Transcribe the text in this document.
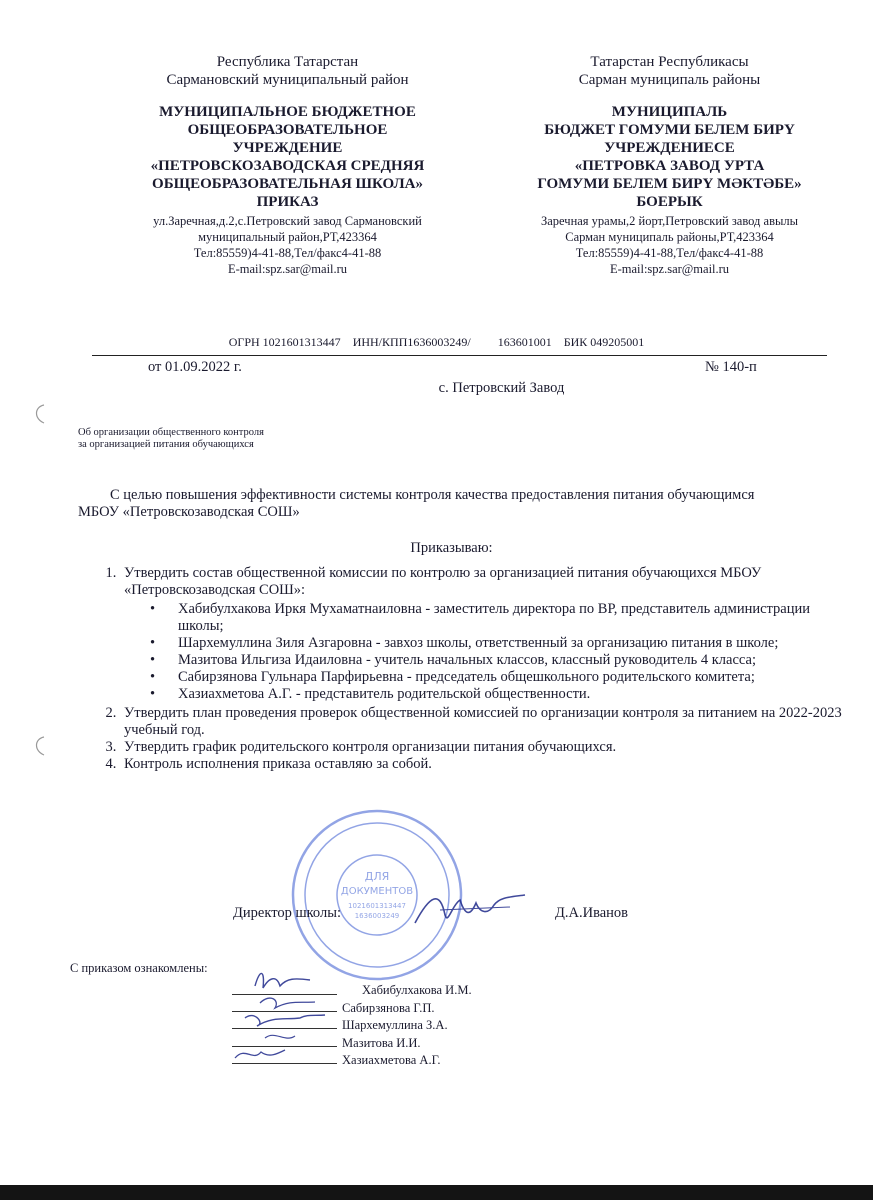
Республика Татарстан
Сармановский муниципальный район
МУНИЦИПАЛЬНОЕ БЮДЖЕТНОЕ
ОБЩЕОБРАЗОВАТЕЛЬНОЕ
УЧРЕЖДЕНИЕ
«ПЕТРОВСКОЗАВОДСКАЯ СРЕДНЯЯ
ОБЩЕОБРАЗОВАТЕЛЬНАЯ ШКОЛА»
ПРИКАЗ
ул.Заречная,д.2,с.Петровский завод Сармановский
муниципальный район,РТ,423364
Тел:85559)4-41-88,Тел/факс4-41-88
E-mail:spz.sar@mail.ru
Татарстан Республикасы
Сарман муниципаль районы
МУНИЦИПАЛЬ
БЮДЖЕТ ГОМУМИ БЕЛЕМ БИРҮ
УЧРЕЖДЕНИЕСЕ
«ПЕТРОВКА ЗАВОД УРТА
ГОМУМИ БЕЛЕМ БИРҮ МӘКТӘБЕ»
БОЕРЫК
Заречная урамы,2 йорт,Петровский завод авылы
Сарман муниципаль районы,РТ,423364
Тел:85559)4-41-88,Тел/факс4-41-88
E-mail:spz.sar@mail.ru
ОГРН 1021601313447 ИНН/КПП1636003249/ 163601001 БИК 049205001
от 01.09.2022 г.	№ 140-п
с. Петровский Завод
Об организации общественного контроля
за организацией питания обучающихся
С целью повышения эффективности системы контроля качества предоставления питания обучающимся МБОУ «Петровскозаводская СОШ»
Приказываю:
1. Утвердить состав общественной комиссии по контролю за организацией питания обучающихся МБОУ «Петровскозаводская СОШ»:
• Хабибулхакова Иркя Мухаматнаиловна - заместитель директора по ВР, представитель администрации школы;
• Шархемуллина Зиля Азгаровна - завхоз школы, ответственный за организацию питания в школе;
• Мазитова Ильгиза Идаиловна - учитель начальных классов, классный руководитель 4 класса;
• Сабирзянова Гульнара Парфирьевна - председатель общешкольного родительского комитета;
• Хазиахметова А.Г. - представитель родительской общественности.
2. Утвердить план проведения проверок общественной комиссией по организации контроля за питанием на 2022-2023 учебный год.
3. Утвердить график родительского контроля организации питания обучающихся.
4. Контроль исполнения приказа оставляю за собой.
ДЛЯ
ДОКУМЕНТОВ
1021601313447
1636003249
Директор школы:	Д.А.Иванов
С приказом ознакомлены:
Хабибулхакова И.М.
Сабирзянова Г.П.
Шархемуллина З.А.
Мазитова И.И.
Хазиахметова А.Г.
